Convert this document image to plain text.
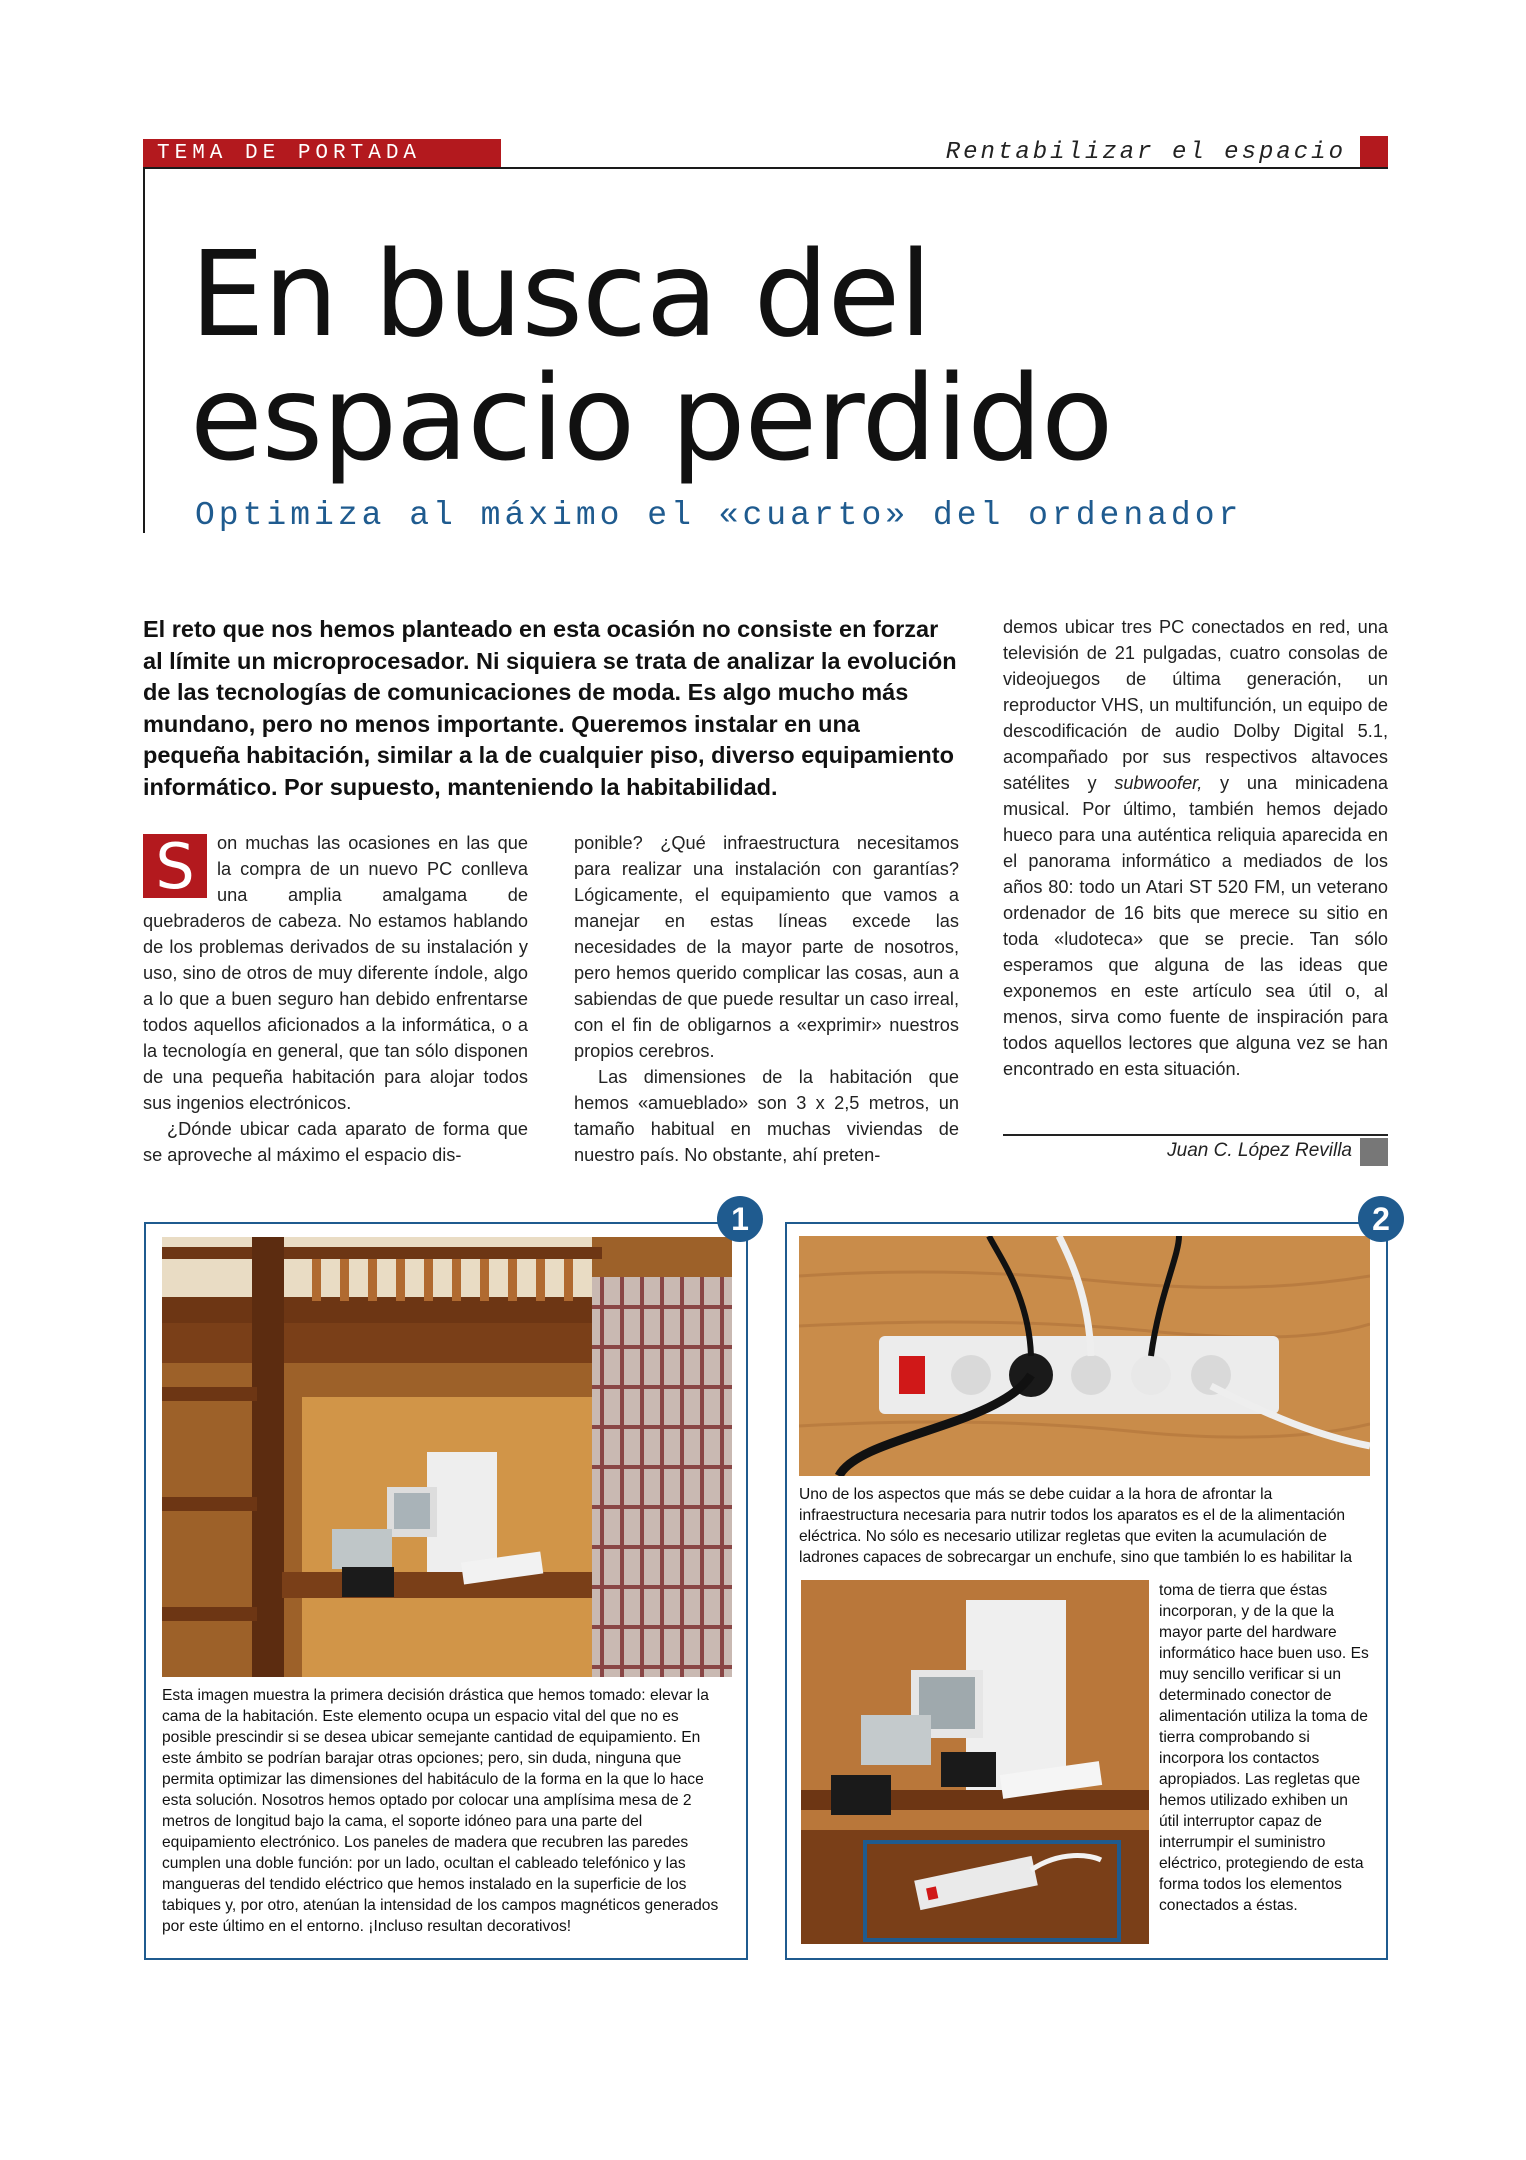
TEMA DE PORTADA	Rentabilizar el espacio
En busca del
espacio perdido
Optimiza al máximo el «cuarto» del ordenador

El reto que nos hemos planteado en esta ocasión no consiste en forzar al límite un microprocesador. Ni siquiera se trata de analizar la evolución de las tecnologías de comunicaciones de moda. Es algo mucho más mundano, pero no menos importante. Queremos instalar en una pequeña habitación, similar a la de cualquier piso, diverso equipamiento informático. Por supuesto, manteniendo la habitabilidad.

S	on muchas las ocasiones en las que la compra de un nuevo PC conlleva una amplia amalgama de quebraderos de cabeza. No estamos hablando de los problemas derivados de su instalación y uso, sino de otros de muy diferente índole, algo a lo que a buen seguro han debido enfrentarse todos aquellos aficionados a la informática, o a la tecnología en general, que tan sólo disponen de una pequeña habitación para alojar todos sus ingenios electrónicos.

¿Dónde ubicar cada aparato de forma que se aproveche al máximo el espacio dis-

ponible? ¿Qué infraestructura necesitamos para realizar una instalación con garantías? Lógicamente, el equipamiento que vamos a manejar en estas líneas excede las necesidades de la mayor parte de nosotros, pero hemos querido complicar las cosas, aun a sabiendas de que puede resultar un caso irreal, con el fin de obligarnos a «exprimir» nuestros propios cerebros.

Las dimensiones de la habitación que hemos «amueblado» son 3 x 2,5 metros, un tamaño habitual en muchas viviendas de nuestro país. No obstante, ahí preten-

demos ubicar tres PC conectados en red, una televisión de 21 pulgadas, cuatro consolas de videojuegos de última generación, un reproductor VHS, un multifunción, un equipo de descodificación de audio Dolby Digital 5.1, acompañado por sus respectivos altavoces satélites y subwoofer, y una minicadena musical. Por último, también hemos dejado hueco para una auténtica reliquia aparecida en el panorama informático a mediados de los años 80: todo un Atari ST 520 FM, un veterano ordenador de 16 bits que merece su sitio en toda «ludoteca» que se precie. Tan sólo esperamos que alguna de las ideas que exponemos en este artículo sea útil o, al menos, sirva como fuente de inspiración para todos aquellos lectores que alguna vez se han encontrado en esta situación.

Juan C. López Revilla

Esta imagen muestra la primera decisión drástica que hemos tomado: elevar la cama de la habitación. Este elemento ocupa un espacio vital del que no es posible prescindir si se desea ubicar semejante cantidad de equipamiento. En este ámbito se podrían barajar otras opciones; pero, sin duda, ninguna que permita optimizar las dimensiones del habitáculo de la forma en la que lo hace esta solución. Nosotros hemos optado por colocar una amplísima mesa de 2 metros de longitud bajo la cama, el soporte idóneo para una parte del equipamiento electrónico. Los paneles de madera que recubren las paredes cumplen una doble función: por un lado, ocultan el cableado telefónico y las mangueras del tendido eléctrico que hemos instalado en la superficie de los tabiques y, por otro, atenúan la intensidad de los campos magnéticos generados por este último en el entorno. ¡Incluso resultan decorativos!

1

Uno de los aspectos que más se debe cuidar a la hora de afrontar la infraestructura necesaria para nutrir todos los aparatos es el de la alimentación eléctrica. No sólo es necesario utilizar regletas que eviten la acumulación de ladrones capaces de sobrecargar un enchufe, sino que también lo es habilitar la

toma de tierra que éstas incorporan, y de la que la mayor parte del hardware informático hace buen uso. Es muy sencillo verificar si un determinado conector de alimentación utiliza la toma de tierra comprobando si incorpora los contactos apropiados. Las regletas que hemos utilizado exhiben un útil interruptor capaz de interrumpir el suministro eléctrico, protegiendo de esta forma todos los elementos conectados a éstas.

2
